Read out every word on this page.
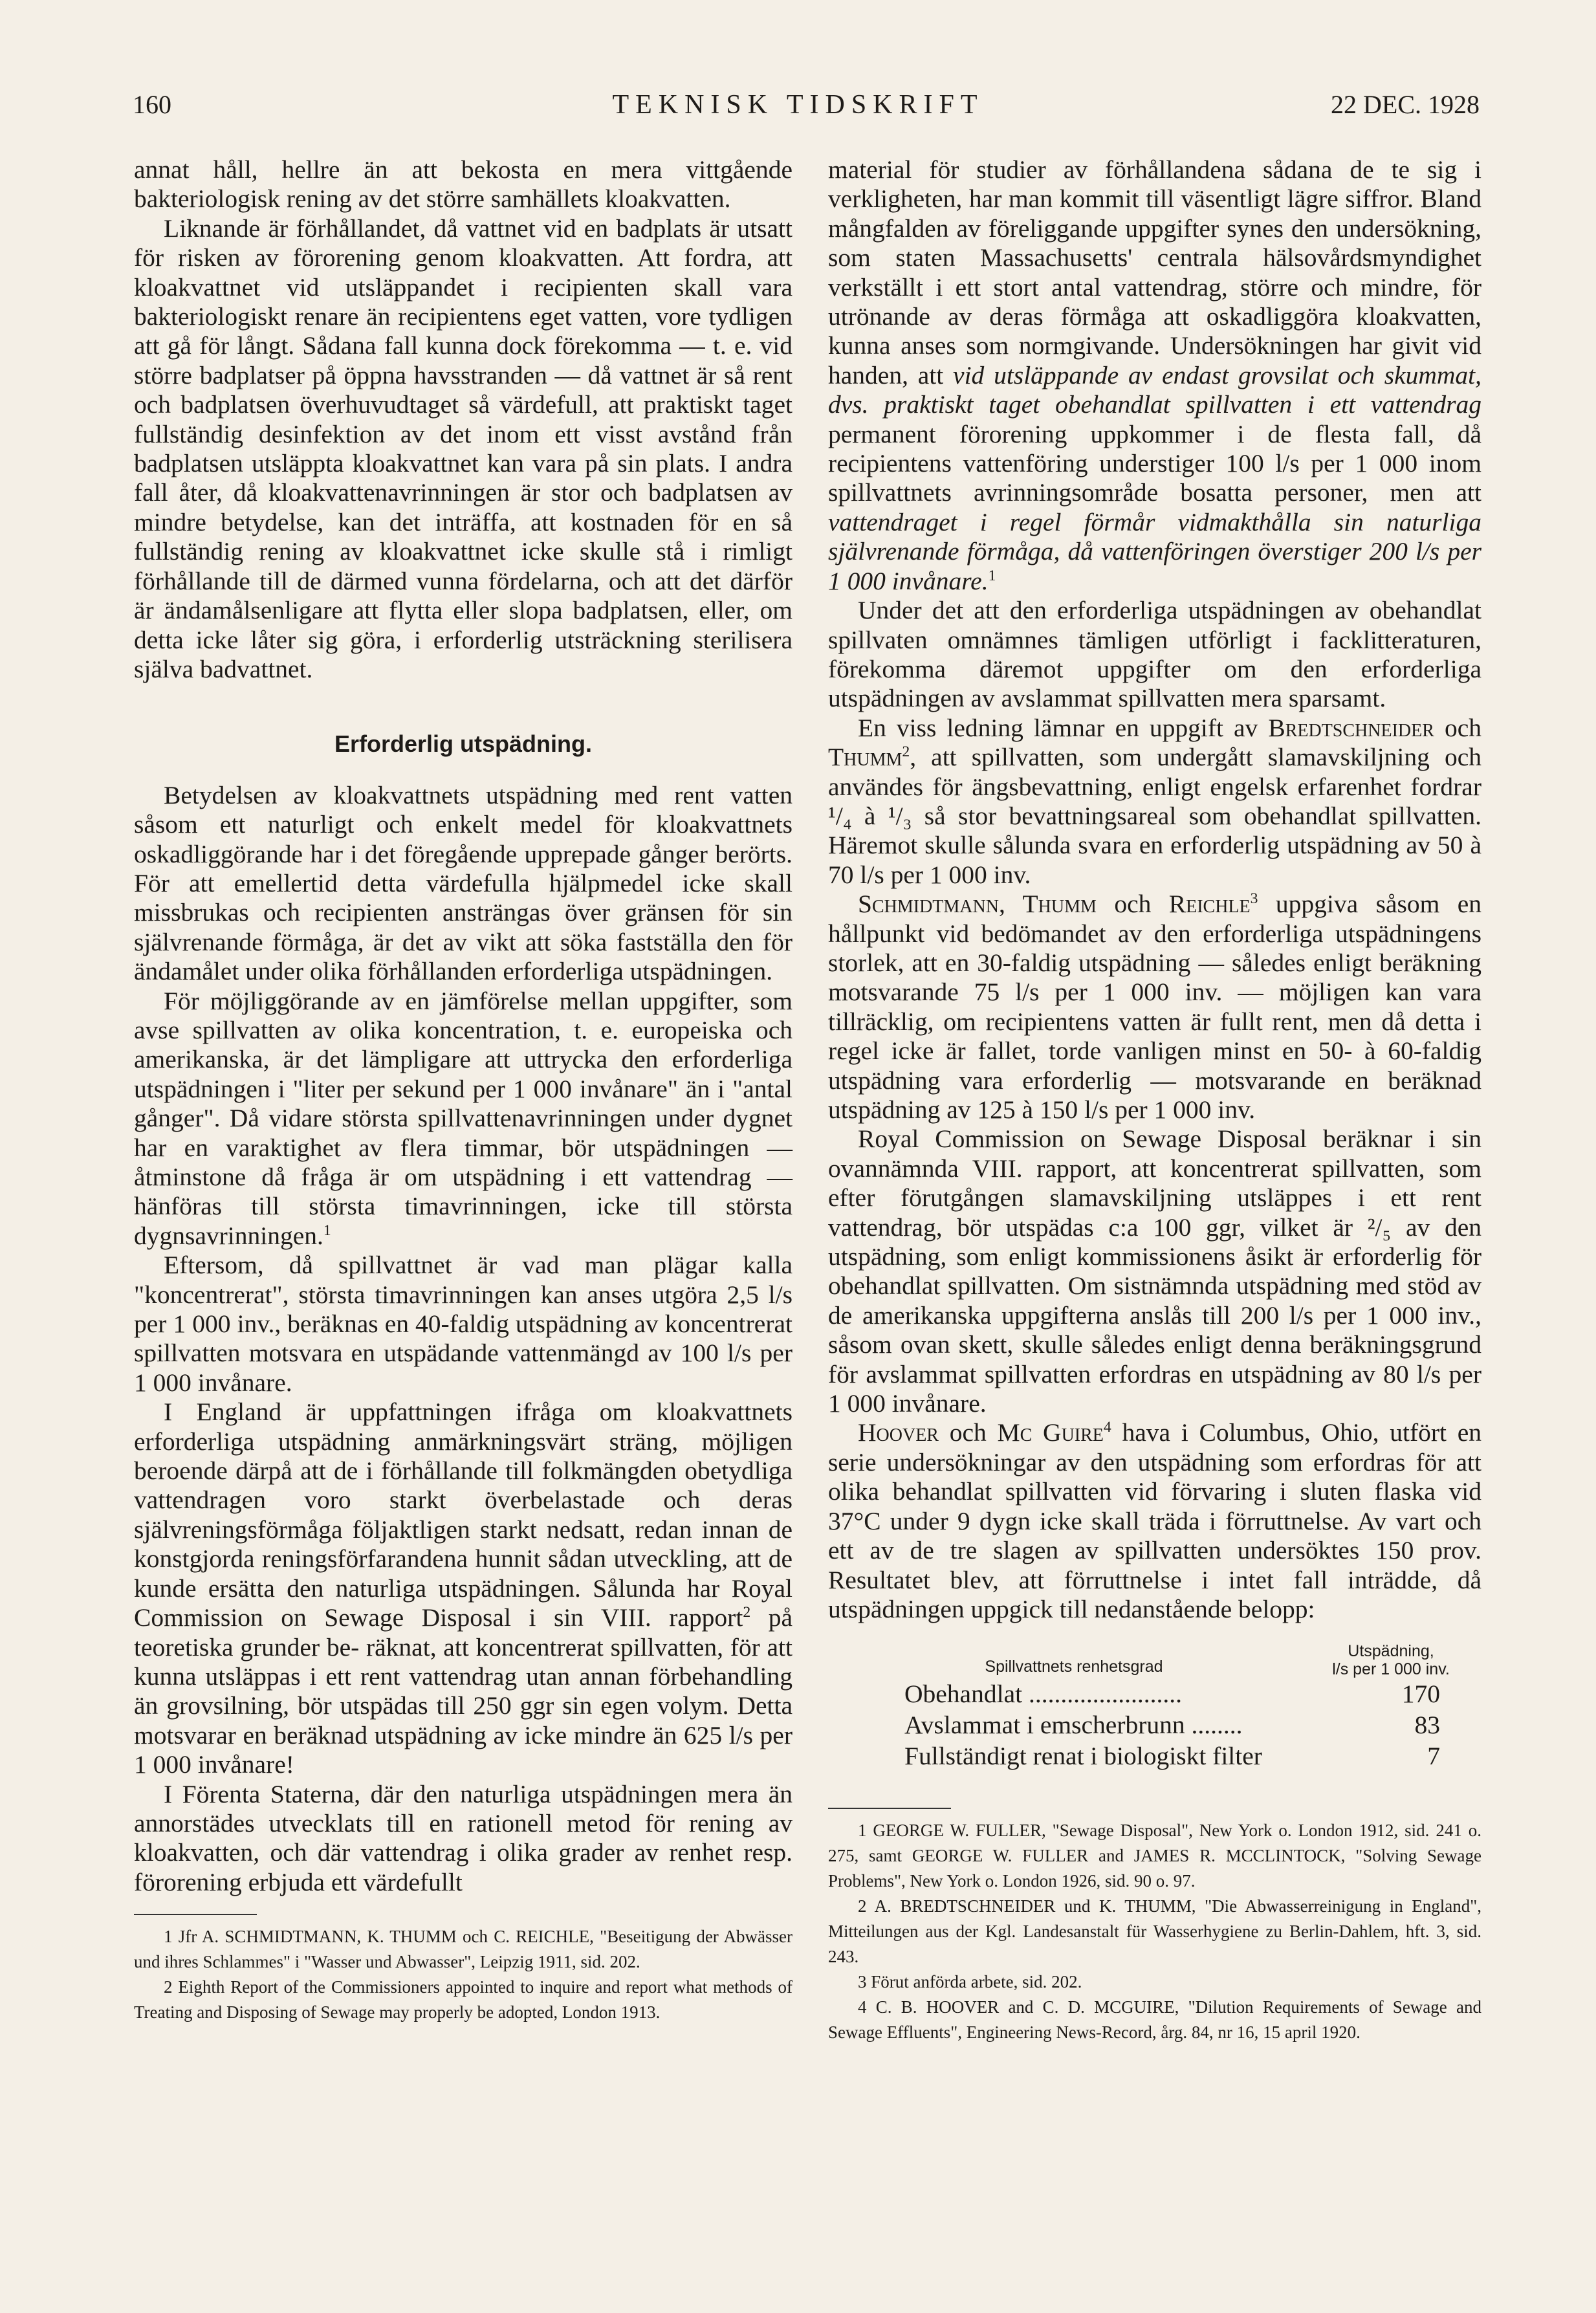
160	TEKNISK TIDSKRIFT	22 DEC. 1928

annat håll, hellre än att bekosta en mera vittgående bakteriologisk rening av det större samhällets kloakvatten.

Liknande är förhållandet, då vattnet vid en badplats är utsatt för risken av förorening genom kloakvatten. Att fordra, att kloakvattnet vid utsläppandet i recipienten skall vara bakteriologiskt renare än recipientens eget vatten, vore tydligen att gå för långt. Sådana fall kunna dock förekomma — t. e. vid större badplatser på öppna havsstranden — då vattnet är så rent och badplatsen överhuvudtaget så värdefull, att praktiskt taget fullständig desinfektion av det inom ett visst avstånd från badplatsen utsläppta kloakvattnet kan vara på sin plats. I andra fall åter, då kloakvattenavrinningen är stor och badplatsen av mindre betydelse, kan det inträffa, att kostnaden för en så fullständig rening av kloakvattnet icke skulle stå i rimligt förhållande till de därmed vunna fördelarna, och att det därför är ändamålsenligare att flytta eller slopa badplatsen, eller, om detta icke låter sig göra, i erforderlig utsträckning sterilisera själva badvattnet.

Erforderlig utspädning.

Betydelsen av kloakvattnets utspädning med rent vatten såsom ett naturligt och enkelt medel för kloakvattnets oskadliggörande har i det föregående upprepade gånger berörts. För att emellertid detta värdefulla hjälpmedel icke skall missbrukas och recipienten ansträngas över gränsen för sin självrenande förmåga, är det av vikt att söka fastställa den för ändamålet under olika förhållanden erforderliga utspädningen.

För möjliggörande av en jämförelse mellan uppgifter, som avse spillvatten av olika koncentration, t. e. europeiska och amerikanska, är det lämpligare att uttrycka den erforderliga utspädningen i "liter per sekund per 1 000 invånare" än i "antal gånger". Då vidare största spillvattenavrinningen under dygnet har en varaktighet av flera timmar, bör utspädningen — åtminstone då fråga är om utspädning i ett vattendrag — hänföras till största timavrinningen, icke till största dygnsavrinningen.$^1$

Eftersom, då spillvattnet är vad man plägar kalla "koncentrerat", största timavrinningen kan anses utgöra 2,5 l/s per 1 000 inv., beräknas en 40-faldig utspädning av koncentrerat spillvatten motsvara en utspädande vattenmängd av 100 l/s per 1 000 invånare.

I England är uppfattningen ifråga om kloakvattnets erforderliga utspädning anmärkningsvärt sträng, möjligen beroende därpå att de i förhållande till folkmängden obetydliga vattendragen voro starkt överbelastade och deras självreningsförmåga följaktligen starkt nedsatt, redan innan de konstgjorda reningsförfarandena hunnit sådan utveckling, att de kunde ersätta den naturliga utspädningen. Sålunda har Royal Commission on Sewage Disposal i sin VIII. rapport$^2$ på teoretiska grunder be- räknat, att koncentrerat spillvatten, för att kunna utsläppas i ett rent vattendrag utan annan förbehandling än grovsilning, bör utspädas till 250 ggr sin egen volym. Detta motsvarar en beräknad utspädning av icke mindre än 625 l/s per 1 000 invånare!

I Förenta Staterna, där den naturliga utspädningen mera än annorstädes utvecklats till en rationell metod för rening av kloakvatten, och där vattendrag i olika grader av renhet resp. förorening erbjuda ett värdefullt

1 Jfr A. SCHMIDTMANN, K. THUMM och C. REICHLE, "Beseitigung der Abwässer und ihres Schlammes" i "Wasser und Abwasser", Leipzig 1911, sid. 202.

2 Eighth Report of the Commissioners appointed to inquire and report what methods of Treating and Disposing of Sewage may properly be adopted, London 1913.

material för studier av förhållandena sådana de te sig i verkligheten, har man kommit till väsentligt lägre siffror. Bland mångfalden av föreliggande uppgifter synes den undersökning, som staten Massachusetts' centrala hälsovårdsmyndighet verkställt i ett stort antal vattendrag, större och mindre, för utrönande av deras förmåga att oskadliggöra kloakvatten, kunna anses som normgivande. Undersökningen har givit vid handen, att vid utsläppande av endast grovsilat och skummat, dvs. praktiskt taget obehandlat spillvatten i ett vattendrag permanent förorening uppkommer i de flesta fall, då recipientens vattenföring understiger 100 l/s per 1 000 inom spillvattnets avrinningsområde bosatta personer, men att vattendraget i regel förmår vidmakthålla sin naturliga självrenande förmåga, då vattenföringen överstiger 200 l/s per 1 000 invånare.$^1$

Under det att den erforderliga utspädningen av obehandlat spillvaten omnämnes tämligen utförligt i facklitteraturen, förekomma däremot uppgifter om den erforderliga utspädningen av avslammat spillvatten mera sparsamt.

En viss ledning lämnar en uppgift av Bredtschneider och Thumm$^2$, att spillvatten, som undergått slamavskiljning och användes för ängsbevattning, enligt engelsk erfarenhet fordrar ¹/₄ à ¹/₃ så stor bevattningsareal som obehandlat spillvatten. Häremot skulle sålunda svara en erforderlig utspädning av 50 à 70 l/s per 1 000 inv.

Schmidtmann, Thumm och Reichle$^3$ uppgiva såsom en hållpunkt vid bedömandet av den erforderliga utspädningens storlek, att en 30-faldig utspädning — således enligt beräkning motsvarande 75 l/s per 1 000 inv. — möjligen kan vara tillräcklig, om recipientens vatten är fullt rent, men då detta i regel icke är fallet, torde vanligen minst en 50- à 60-faldig utspädning vara erforderlig — motsvarande en beräknad utspädning av 125 à 150 l/s per 1 000 inv.

Royal Commission on Sewage Disposal beräknar i sin ovannämnda VIII. rapport, att koncentrerat spillvatten, som efter förutgången slamavskiljning utsläppes i ett rent vattendrag, bör utspädas c:a 100 ggr, vilket är ²/₅ av den utspädning, som enligt kommissionens åsikt är erforderlig för obehandlat spillvatten. Om sistnämnda utspädning med stöd av de amerikanska uppgifterna anslås till 200 l/s per 1 000 inv., såsom ovan skett, skulle således enligt denna beräkningsgrund för avslammat spillvatten erfordras en utspädning av 80 l/s per 1 000 invånare.

Hoover och Mc Guire$^4$ hava i Columbus, Ohio, utfört en serie undersökningar av den utspädning som erfordras för att olika behandlat spillvatten vid förvaring i sluten flaska vid 37°C under 9 dygn icke skall träda i förruttnelse. Av vart och ett av de tre slagen av spillvatten undersöktes 150 prov. Resultatet blev, att förruttnelse i intet fall inträdde, då utspädningen uppgick till nedanstående belopp:

Spillvattnets renhetsgrad
Utspädning,
l/s per 1 000 inv.
Obehandlat ........................	170
Avslammat i emscherbrunn ........	83
Fullständigt renat i biologiskt filter	7

1 GEORGE W. FULLER, "Sewage Disposal", New York o. London 1912, sid. 241 o. 275, samt GEORGE W. FULLER and JAMES R. MCCLINTOCK, "Solving Sewage Problems", New York o. London 1926, sid. 90 o. 97.

2 A. BREDTSCHNEIDER und K. THUMM, "Die Abwasserreinigung in England", Mitteilungen aus der Kgl. Landesanstalt für Wasserhygiene zu Berlin-Dahlem, hft. 3, sid. 243.

3 Förut anförda arbete, sid. 202.

4 C. B. HOOVER and C. D. MCGUIRE, "Dilution Requirements of Sewage and Sewage Effluents", Engineering News-Record, årg. 84, nr 16, 15 april 1920.
